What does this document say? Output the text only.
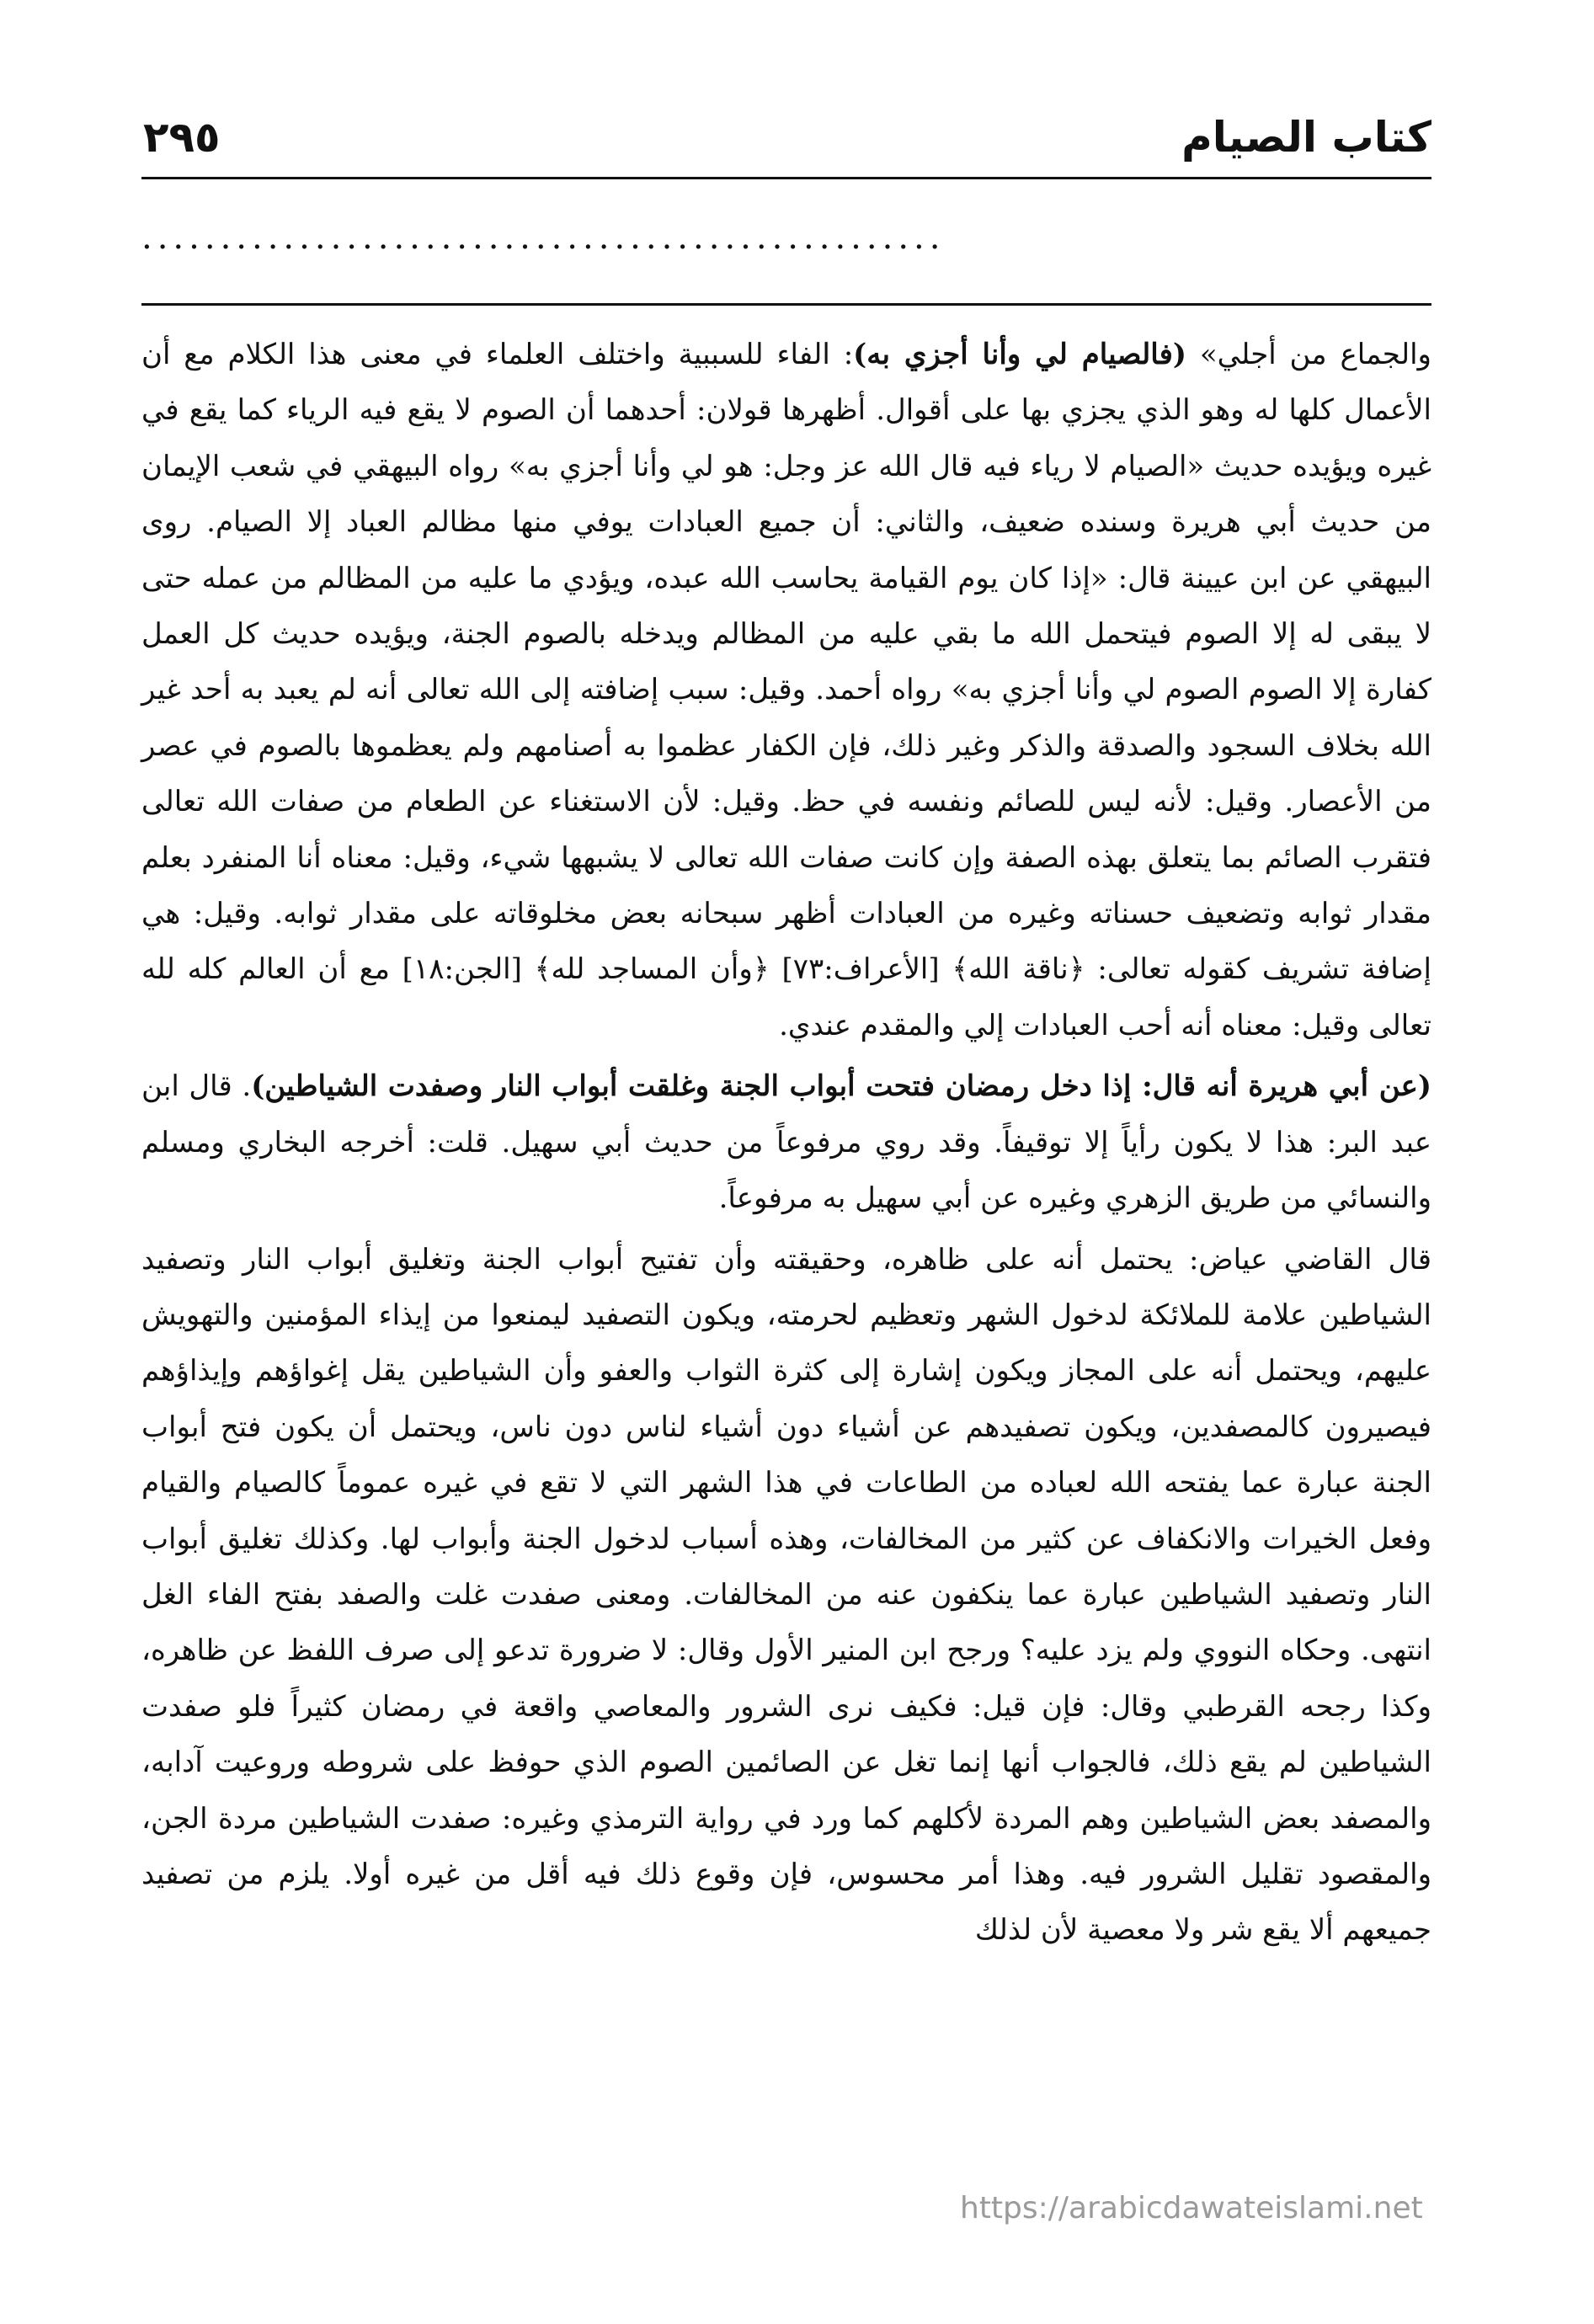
كتاب الصيام
٢٩٥
...................................................

والجماع من أجلي» (فالصيام لي وأنا أجزي به): الفاء للسببية واختلف العلماء في معنى هذا الكلام مع أن الأعمال كلها له وهو الذي يجزي بها على أقوال. أظهرها قولان: أحدهما أن الصوم لا يقع فيه الرياء كما يقع في غيره ويؤيده حديث «الصيام لا رياء فيه قال الله عز وجل: هو لي وأنا أجزي به» رواه البيهقي في شعب الإيمان من حديث أبي هريرة وسنده ضعيف، والثاني: أن جميع العبادات يوفي منها مظالم العباد إلا الصيام. روى البيهقي عن ابن عيينة قال: «إذا كان يوم القيامة يحاسب الله عبده، ويؤدي ما عليه من المظالم من عمله حتى لا يبقى له إلا الصوم فيتحمل الله ما بقي عليه من المظالم ويدخله بالصوم الجنة، ويؤيده حديث كل العمل كفارة إلا الصوم الصوم لي وأنا أجزي به» رواه أحمد. وقيل: سبب إضافته إلى الله تعالى أنه لم يعبد به أحد غير الله بخلاف السجود والصدقة والذكر وغير ذلك، فإن الكفار عظموا به أصنامهم ولم يعظموها بالصوم في عصر من الأعصار. وقيل: لأنه ليس للصائم ونفسه في حظ. وقيل: لأن الاستغناء عن الطعام من صفات الله تعالى فتقرب الصائم بما يتعلق بهذه الصفة وإن كانت صفات الله تعالى لا يشبهها شيء، وقيل: معناه أنا المنفرد بعلم مقدار ثوابه وتضعيف حسناته وغيره من العبادات أظهر سبحانه بعض مخلوقاته على مقدار ثوابه. وقيل: هي إضافة تشريف كقوله تعالى: ﴿ناقة الله﴾ [الأعراف:٧٣] ﴿وأن المساجد لله﴾ [الجن:١٨] مع أن العالم كله لله تعالى وقيل: معناه أنه أحب العبادات إلي والمقدم عندي.

(عن أبي هريرة أنه قال: إذا دخل رمضان فتحت أبواب الجنة وغلقت أبواب النار وصفدت الشياطين). قال ابن عبد البر: هذا لا يكون رأياً إلا توقيفاً. وقد روي مرفوعاً من حديث أبي سهيل. قلت: أخرجه البخاري ومسلم والنسائي من طريق الزهري وغيره عن أبي سهيل به مرفوعاً.

قال القاضي عياض: يحتمل أنه على ظاهره، وحقيقته وأن تفتيح أبواب الجنة وتغليق أبواب النار وتصفيد الشياطين علامة للملائكة لدخول الشهر وتعظيم لحرمته، ويكون التصفيد ليمنعوا من إيذاء المؤمنين والتهويش عليهم، ويحتمل أنه على المجاز ويكون إشارة إلى كثرة الثواب والعفو وأن الشياطين يقل إغواؤهم وإيذاؤهم فيصيرون كالمصفدين، ويكون تصفيدهم عن أشياء دون أشياء لناس دون ناس، ويحتمل أن يكون فتح أبواب الجنة عبارة عما يفتحه الله لعباده من الطاعات في هذا الشهر التي لا تقع في غيره عموماً كالصيام والقيام وفعل الخيرات والانكفاف عن كثير من المخالفات، وهذه أسباب لدخول الجنة وأبواب لها. وكذلك تغليق أبواب النار وتصفيد الشياطين عبارة عما ينكفون عنه من المخالفات. ومعنى صفدت غلت والصفد بفتح الفاء الغل انتهى. وحكاه النووي ولم يزد عليه؟ ورجح ابن المنير الأول وقال: لا ضرورة تدعو إلى صرف اللفظ عن ظاهره، وكذا رجحه القرطبي وقال: فإن قيل: فكيف نرى الشرور والمعاصي واقعة في رمضان كثيراً فلو صفدت الشياطين لم يقع ذلك، فالجواب أنها إنما تغل عن الصائمين الصوم الذي حوفظ على شروطه وروعيت آدابه، والمصفد بعض الشياطين وهم المردة لأكلهم كما ورد في رواية الترمذي وغيره: صفدت الشياطين مردة الجن، والمقصود تقليل الشرور فيه. وهذا أمر محسوس، فإن وقوع ذلك فيه أقل من غيره أولا. يلزم من تصفيد جميعهم ألا يقع شر ولا معصية لأن لذلك

https://arabicdawateislami.net
